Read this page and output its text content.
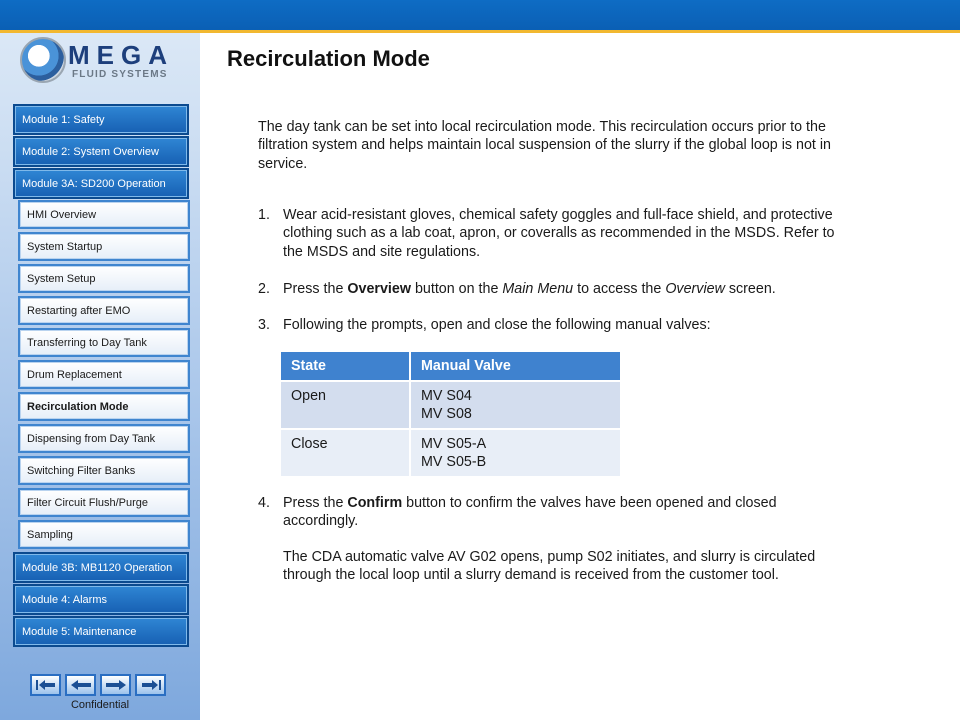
MEGA
FLUID SYSTEMS
Module 1: Safety
Module 2: System Overview
Module 3A: SD200 Operation
HMI Overview
System Startup
System Setup
Restarting after EMO
Transferring to Day Tank
Drum Replacement
Recirculation Mode
Dispensing from Day Tank
Switching Filter Banks
Filter Circuit Flush/Purge
Sampling
Module 3B: MB1120 Operation
Module 4: Alarms
Module 5: Maintenance
Confidential
Recirculation Mode
The day tank can be set into local recirculation mode. This recirculation occurs prior to the filtration system and helps maintain local suspension of the slurry if the global loop is not in service.
1. Wear acid-resistant gloves, chemical safety goggles and full-face shield, and protective clothing such as a lab coat, apron, or coveralls as recommended in the MSDS. Refer to the MSDS and site regulations.
2. Press the Overview button on the Main Menu to access the Overview screen.
3. Following the prompts, open and close the following manual valves:
State	Manual Valve
Open	MV S04
MV S08

Close	MV S05-A
MV S05-B
4. Press the Confirm button to confirm the valves have been opened and closed accordingly.
The CDA automatic valve AV G02 opens, pump S02 initiates, and slurry is circulated through the local loop until a slurry demand is received from the customer tool.
